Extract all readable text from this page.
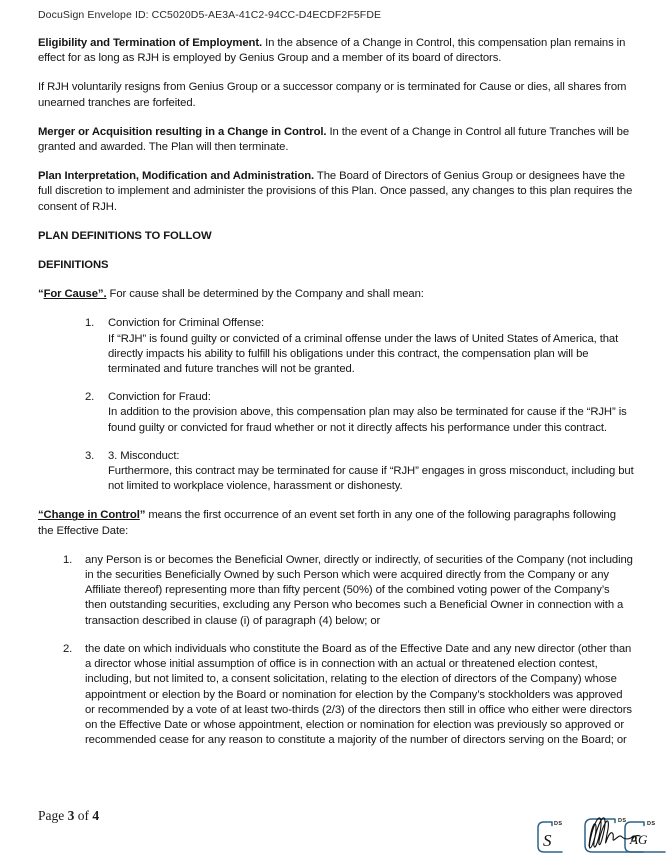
DocuSign Envelope ID: CC5020D5-AE3A-41C2-94CC-D4ECDF2F5FDE

Eligibility and Termination of Employment. In the absence of a Change in Control, this compensation plan remains in effect for as long as RJH is employed by Genius Group and a member of its board of directors.

If RJH voluntarily resigns from Genius Group or a successor company or is terminated for Cause or dies, all shares from unearned tranches are forfeited.

Merger or Acquisition resulting in a Change in Control. In the event of a Change in Control all future Tranches will be granted and awarded. The Plan will then terminate.

Plan Interpretation, Modification and Administration. The Board of Directors of Genius Group or designees have the full discretion to implement and administer the provisions of this Plan. Once passed, any changes to this plan requires the consent of RJH.

PLAN DEFINITIONS TO FOLLOW

DEFINITIONS

“For Cause”. For cause shall be determined by the Company and shall mean:

1. Conviction for Criminal Offense:
If “RJH” is found guilty or convicted of a criminal offense under the laws of United States of America, that directly impacts his ability to fulfill his obligations under this contract, the compensation plan will be terminated and future tranches will not be granted.
2. Conviction for Fraud:
In addition to the provision above, this compensation plan may also be terminated for cause if the “RJH” is found guilty or convicted for fraud whether or not it directly affects his performance under this contract.
3. 3. Misconduct:
Furthermore, this contract may be terminated for cause if “RJH” engages in gross misconduct, including but not limited to workplace violence, harassment or dishonesty.

“Change in Control” means the first occurrence of an event set forth in any one of the following paragraphs following the Effective Date:

1. any Person is or becomes the Beneficial Owner, directly or indirectly, of securities of the Company (not including in the securities Beneficially Owned by such Person which were acquired directly from the Company or any Affiliate thereof) representing more than fifty percent (50%) of the combined voting power of the Company’s then outstanding securities, excluding any Person who becomes such a Beneficial Owner in connection with a transaction described in clause (i) of paragraph (4) below; or
2. the date on which individuals who constitute the Board as of the Effective Date and any new director (other than a director whose initial assumption of office is in connection with an actual or threatened election contest, including, but not limited to, a consent solicitation, relating to the election of directors of the Company) whose appointment or election by the Board or nomination for election by the Company’s stockholders was approved or recommended by a vote of at least two-thirds (2/3) of the directors then still in office who either were directors on the Effective Date or whose appointment, election or nomination for election was previously so approved or recommended cease for any reason to constitute a majority of the number of directors serving on the Board; or
Page 3 of 4
DS
S
DS
AG
DS
